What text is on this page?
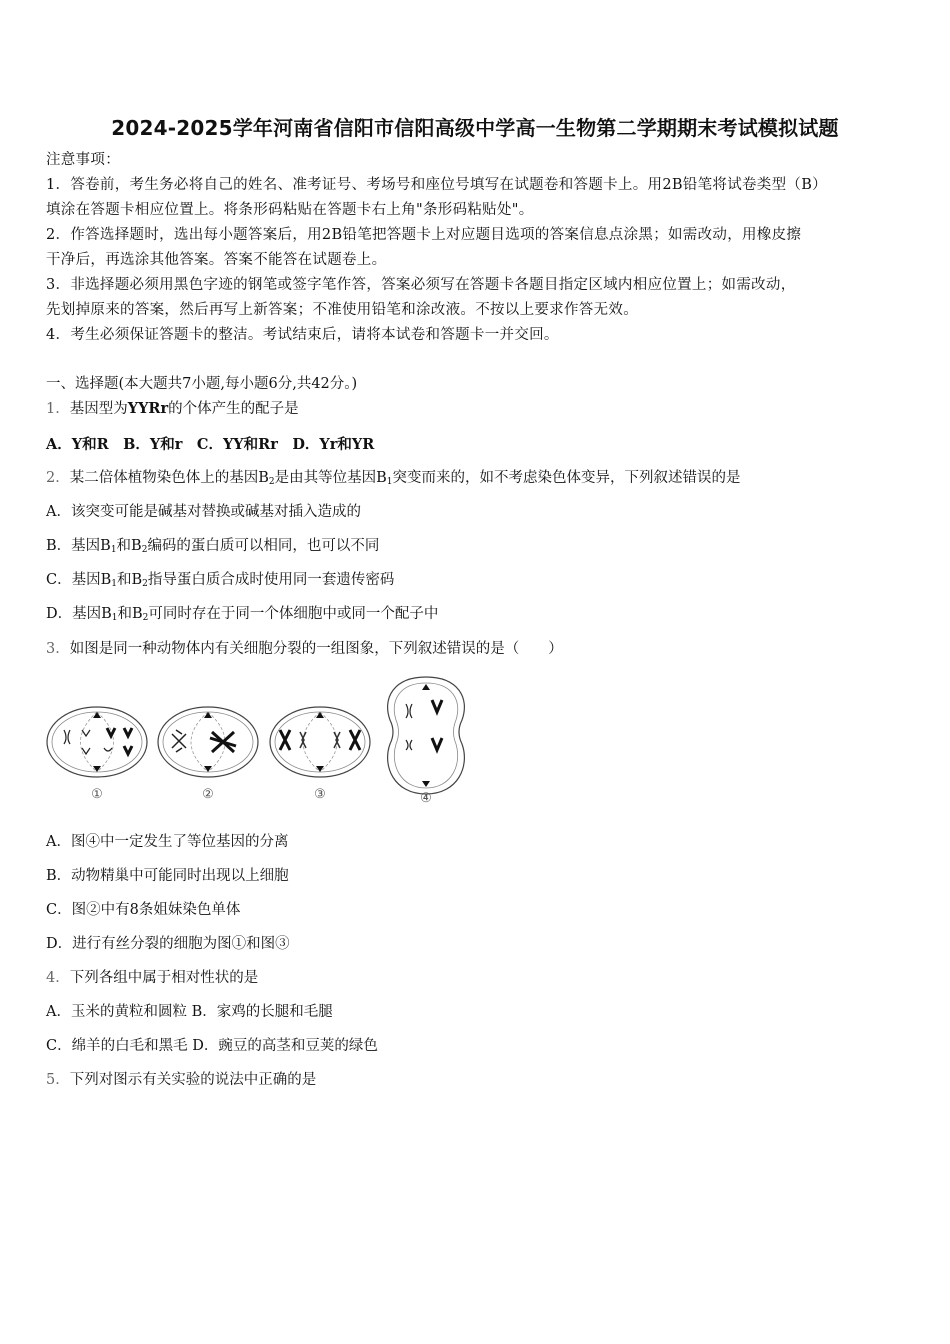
2024-2025学年河南省信阳市信阳高级中学高一生物第二学期期末考试模拟试题
注意事项：
1．答卷前，考生务必将自己的姓名、准考证号、考场号和座位号填写在试题卷和答题卡上。用2B铅笔将试卷类型（B）
填涂在答题卡相应位置上。将条形码粘贴在答题卡右上角"条形码粘贴处"。
2．作答选择题时，选出每小题答案后，用2B铅笔把答题卡上对应题目选项的答案信息点涂黑；如需改动，用橡皮擦
干净后，再选涂其他答案。答案不能答在试题卷上。
3．非选择题必须用黑色字迹的钢笔或签字笔作答，答案必须写在答题卡各题目指定区域内相应位置上；如需改动，
先划掉原来的答案，然后再写上新答案；不准使用铅笔和涂改液。不按以上要求作答无效。
4．考生必须保证答题卡的整洁。考试结束后，请将本试卷和答题卡一并交回。
一、选择题(本大题共7小题,每小题6分,共42分。)
1．基因型为YYRr的个体产生的配子是
A．Y和R　B．Y和r　C．YY和Rr　D．Yr和YR
2．某二倍体植物染色体上的基因$B_2$是由其等位基因$B_1$突变而来的，如不考虑染色体变异，下列叙述错误的是
A．该突变可能是碱基对替换或碱基对插入造成的
B．基因$B_1$和$B_2$编码的蛋白质可以相同，也可以不同
C．基因$B_1$和$B_2$指导蛋白质合成时使用同一套遗传密码
D．基因$B_1$和$B_2$可同时存在于同一个体细胞中或同一个配子中
3．如图是同一种动物体内有关细胞分裂的一组图象，下列叙述错误的是（　　）
①	②	③	④
A．图④中一定发生了等位基因的分离
B．动物精巢中可能同时出现以上细胞
C．图②中有8条姐妹染色单体
D．进行有丝分裂的细胞为图①和图③
4．下列各组中属于相对性状的是
A．玉米的黄粒和圆粒 B．家鸡的长腿和毛腿
C．绵羊的白毛和黑毛 D．豌豆的高茎和豆荚的绿色
5．下列对图示有关实验的说法中正确的是
